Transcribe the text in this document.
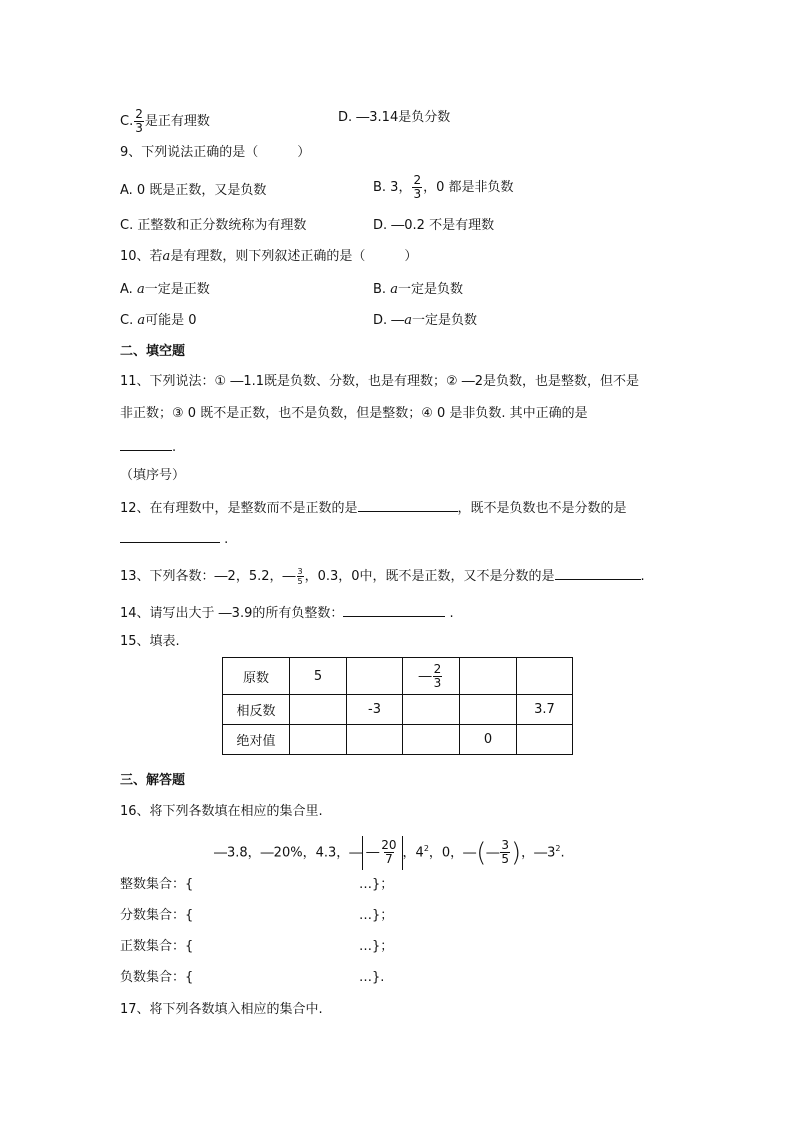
C. $\frac{2}{3}$ 是正有理数	D. ―3.14是负分数
9、下列说法正确的是（　　　）
A. 0 既是正数，又是负数	B. 3， $\frac{2}{3}$ ，0 都是非负数
C. 正整数和正分数统称为有理数	D. ―0.2 不是有理数
10、若a是有理数，则下列叙述正确的是（　　　）
A. a一定是正数	B. a一定是负数
C. a可能是 0	D. ―a一定是负数
二、填空题
11、下列说法：① ―1.1既是负数、分数，也是有理数；② ―2是负数，也是整数，但不是
非正数；③ 0 既不是正数，也不是负数，但是整数；④ 0 是非负数. 其中正确的是
.
（填序号）
12、在有理数中，是整数而不是正数的是	，既不是负数也不是分数的是
.
13、下列各数：―2，5.2，― $\frac{3}{5}$ ，0.3，0中，既不是正数，又不是分数的是	.
14、请写出大于 ―3.9的所有负整数：	.
15、填表.
原数	5		― $\frac{2}{3}$

相反数		-3			3.7
绝对值				0	
三、解答题
16、将下列各数填在相应的集合里.
―3.8，―20%，4.3，― ― $\frac{20}{7}$ ，$4^2$，0，―(― $\frac{3}{5}$ )，$―3^2$.
整数集合：{	…}；
分数集合：{	…}；
正数集合：{	…}；
负数集合：{	…}.
17、将下列各数填入相应的集合中.
